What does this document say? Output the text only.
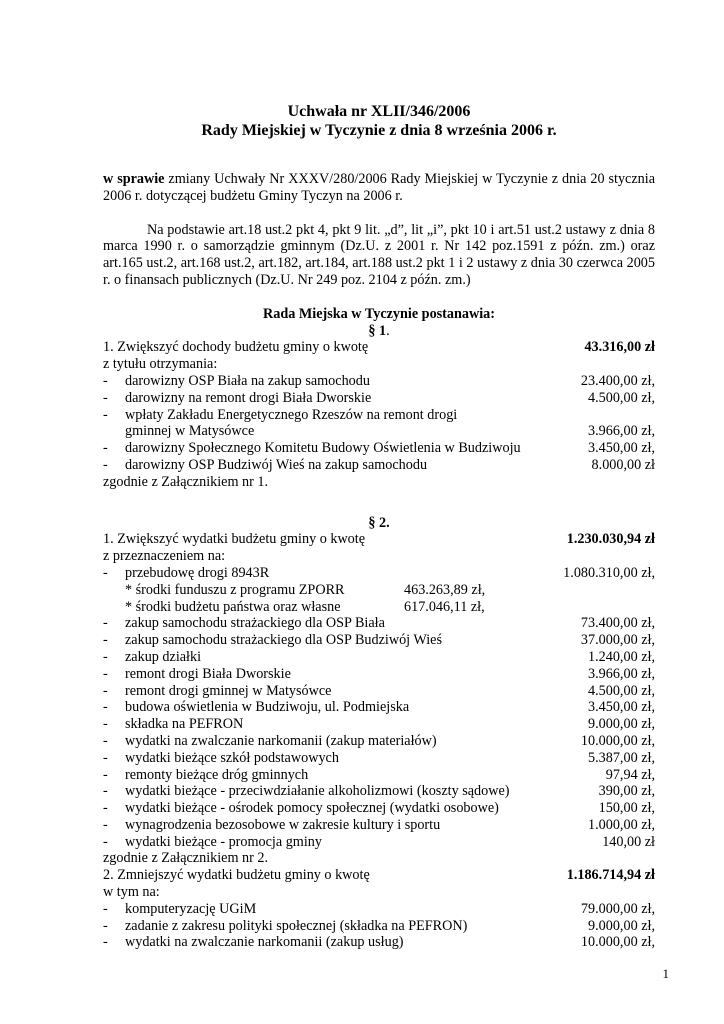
Uchwała nr XLII/346/2006
Rady Miejskiej w Tyczynie z dnia 8 września 2006 r.
w sprawie zmiany Uchwały Nr XXXV/280/2006 Rady Miejskiej w Tyczynie z dnia 20 stycznia 2006 r. dotyczącej budżetu Gminy Tyczyn na 2006 r.
Na podstawie art.18 ust.2 pkt 4, pkt 9 lit. „d”, lit „i”, pkt 10 i art.51 ust.2 ustawy z dnia 8 marca 1990 r. o samorządzie gminnym (Dz.U. z 2001 r. Nr 142 poz.1591 z późn. zm.) oraz art.165 ust.2, art.168 ust.2, art.182, art.184, art.188 ust.2 pkt 1 i 2 ustawy z dnia 30 czerwca 2005 r. o finansach publicznych (Dz.U. Nr 249 poz. 2104 z późn. zm.)
Rada Miejska w Tyczynie postanawia:
§ 1.
1. Zwiększyć dochody budżetu gminy o kwotę	43.316,00 zł
z tytułu otrzymania:
-	darowizny OSP Biała na zakup samochodu	23.400,00 zł,
-	darowizny na remont drogi Biała Dworskie	4.500,00 zł,
-	wpłaty Zakładu Energetycznego Rzeszów na remont drogi
gminnej w Matysówce	3.966,00 zł,
-	darowizny Społecznego Komitetu Budowy Oświetlenia w Budziwoju	3.450,00 zł,
-	darowizny OSP Budziwój Wieś na zakup samochodu	8.000,00 zł
zgodnie z Załącznikiem nr 1.
§ 2.
1. Zwiększyć wydatki budżetu gminy o kwotę	1.230.030,94 zł
z przeznaczeniem na:
-	przebudowę drogi 8943R	1.080.310,00 zł,
* środki funduszu z programu ZPORR	463.263,89 zł,
* środki budżetu państwa oraz własne	617.046,11 zł,
-	zakup samochodu strażackiego dla OSP Biała	73.400,00 zł,
-	zakup samochodu strażackiego dla OSP Budziwój Wieś	37.000,00 zł,
-	zakup działki	1.240,00 zł,
-	remont drogi Biała Dworskie	3.966,00 zł,
-	remont drogi gminnej w Matysówce	4.500,00 zł,
-	budowa oświetlenia w Budziwoju, ul. Podmiejska	3.450,00 zł,
-	składka na PEFRON	9.000,00 zł,
-	wydatki na zwalczanie narkomanii (zakup materiałów)	10.000,00 zł,
-	wydatki bieżące szkół podstawowych	5.387,00 zł,
-	remonty bieżące dróg gminnych	97,94 zł,
-	wydatki bieżące - przeciwdziałanie alkoholizmowi (koszty sądowe)	390,00 zł,
-	wydatki bieżące - ośrodek pomocy społecznej (wydatki osobowe)	150,00 zł,
-	wynagrodzenia bezosobowe w zakresie kultury i sportu	1.000,00 zł,
-	wydatki bieżące - promocja gminy	140,00 zł
zgodnie z Załącznikiem nr 2.
2. Zmniejszyć wydatki budżetu gminy o kwotę	1.186.714,94 zł
w tym na:
-	komputeryzację UGiM	79.000,00 zł,
-	zadanie z zakresu polityki społecznej (składka na PEFRON)	9.000,00 zł,
-	wydatki na zwalczanie narkomanii (zakup usług)	10.000,00 zł,
1
